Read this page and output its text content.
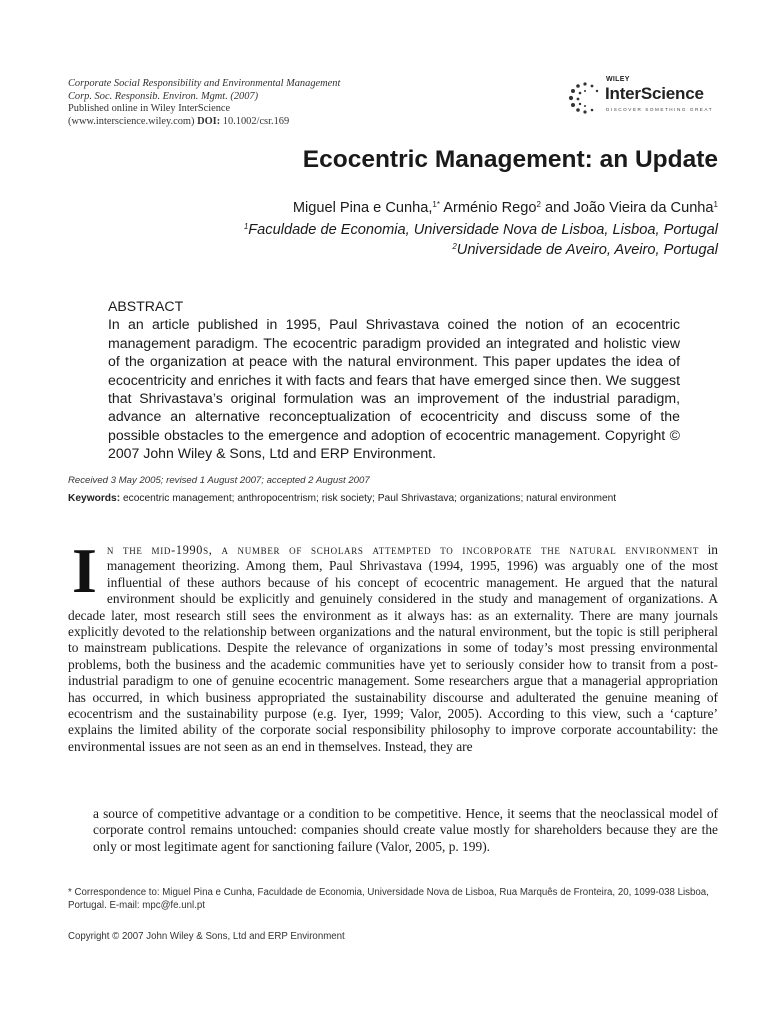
Corporate Social Responsibility and Environmental Management
Corp. Soc. Responsib. Environ. Mgmt. (2007)
Published online in Wiley InterScience
(www.interscience.wiley.com) DOI: 10.1002/csr.169
WILEY
InterScience
DISCOVER SOMETHING GREAT
Ecocentric Management: an Update
Miguel Pina e Cunha,$^{1*}$ Arménio Rego$^2$ and João Vieira da Cunha$^1$
$^1$Faculdade de Economia, Universidade Nova de Lisboa, Lisboa, Portugal
$^2$Universidade de Aveiro, Aveiro, Portugal
ABSTRACT
In an article published in 1995, Paul Shrivastava coined the notion of an ecocentric management paradigm. The ecocentric paradigm provided an integrated and holistic view of the organization at peace with the natural environment. This paper updates the idea of ecocentricity and enriches it with facts and fears that have emerged since then. We suggest that Shrivastava’s original formulation was an improvement of the industrial paradigm, advance an alternative reconceptualization of ecocentricity and discuss some of the possible obstacles to the emergence and adoption of ecocentric management. Copyright © 2007 John Wiley & Sons, Ltd and ERP Environment.
Received 3 May 2005; revised 1 August 2007; accepted 2 August 2007
Keywords: ecocentric management; anthropocentrism; risk society; Paul Shrivastava; organizations; natural environment
In the mid-1990s, a number of scholars attempted to incorporate the natural environment in management theorizing. Among them, Paul Shrivastava (1994, 1995, 1996) was arguably one of the most influential of these authors because of his concept of ecocentric management. He argued that the natural environment should be explicitly and genuinely considered in the study and management of organizations. A decade later, most research still sees the environment as it always has: as an externality. There are many journals explicitly devoted to the relationship between organizations and the natural environment, but the topic is still peripheral to mainstream publications. Despite the relevance of organizations in some of today’s most pressing environmental problems, both the business and the academic communities have yet to seriously consider how to transit from a post-industrial paradigm to one of genuine ecocentric management. Some researchers argue that a managerial appropriation has occurred, in which business appropriated the sustainability discourse and adulterated the genuine meaning of ecocentrism and the sustainability purpose (e.g. Iyer, 1999; Valor, 2005). According to this view, such a ‘capture’ explains the limited ability of the corporate social responsibility philosophy to improve corporate accountability: the environmental issues are not seen as an end in themselves. Instead, they are
a source of competitive advantage or a condition to be competitive. Hence, it seems that the neoclassical model of corporate control remains untouched: companies should create value mostly for shareholders because they are the only or most legitimate agent for sanctioning failure (Valor, 2005, p. 199).
* Correspondence to: Miguel Pina e Cunha, Faculdade de Economia, Universidade Nova de Lisboa, Rua Marquês de Fronteira, 20, 1099-038 Lisboa, Portugal. E-mail: mpc@fe.unl.pt
Copyright © 2007 John Wiley & Sons, Ltd and ERP Environment
